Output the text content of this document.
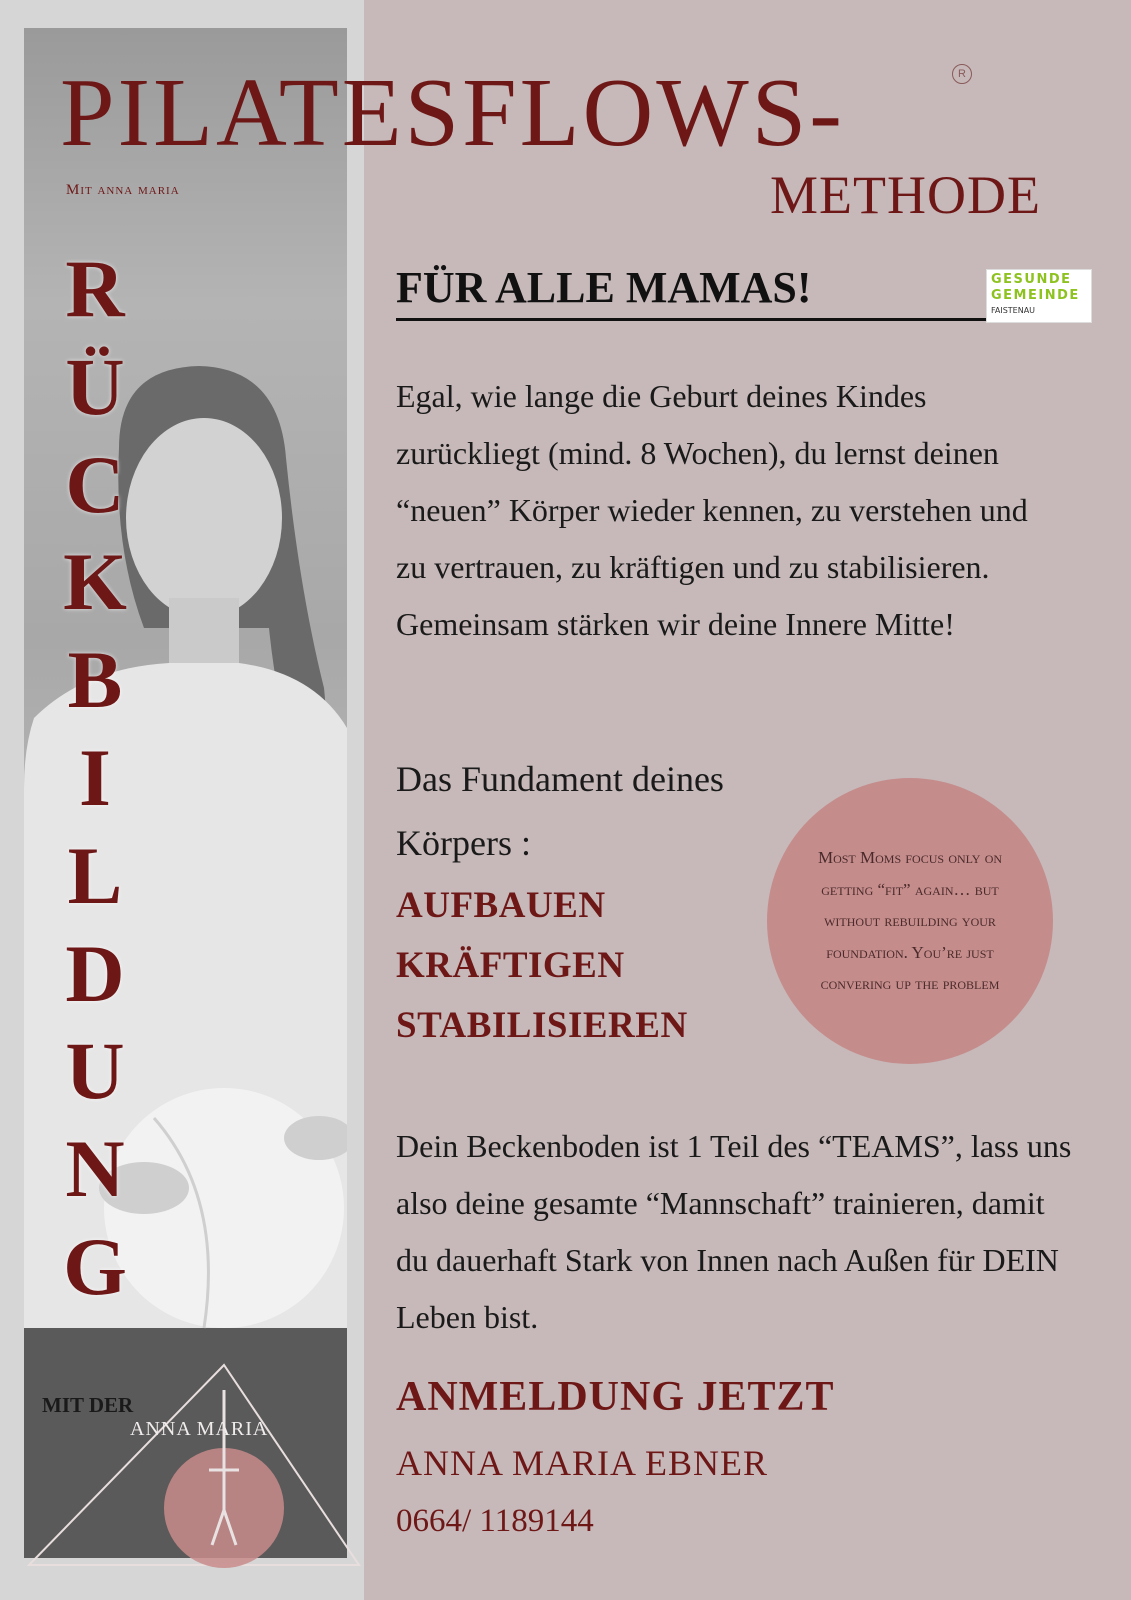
PILATESFLOWS-	R
METHODE
Mit anna maria
R
Ü
C
K
B
I
L
D
U
N
G
MIT DER
ANNA MARIA
FÜR ALLE MAMAS!	GESUNDE
GEMEINDE
FAISTENAU

Egal, wie lange die Geburt deines Kindes zurückliegt (mind. 8 Wochen), du lernst deinen “neuen” Körper wieder kennen, zu verstehen und zu vertrauen, zu kräftigen und zu stabilisieren. Gemeinsam stärken wir deine Innere Mitte!

Das Fundament deines
Körpers :
AUFBAUEN
KRÄFTIGEN
STABILISIEREN

Most Moms focus only on getting “fit” again… but without rebuilding your foundation. You’re just convering up the problem

Dein Beckenboden ist 1 Teil des “TEAMS”, lass uns also deine gesamte “Mannschaft” trainieren, damit du dauerhaft Stark von Innen nach Außen für DEIN Leben bist.

ANMELDUNG JETZT
ANNA MARIA EBNER
0664/ 1189144
